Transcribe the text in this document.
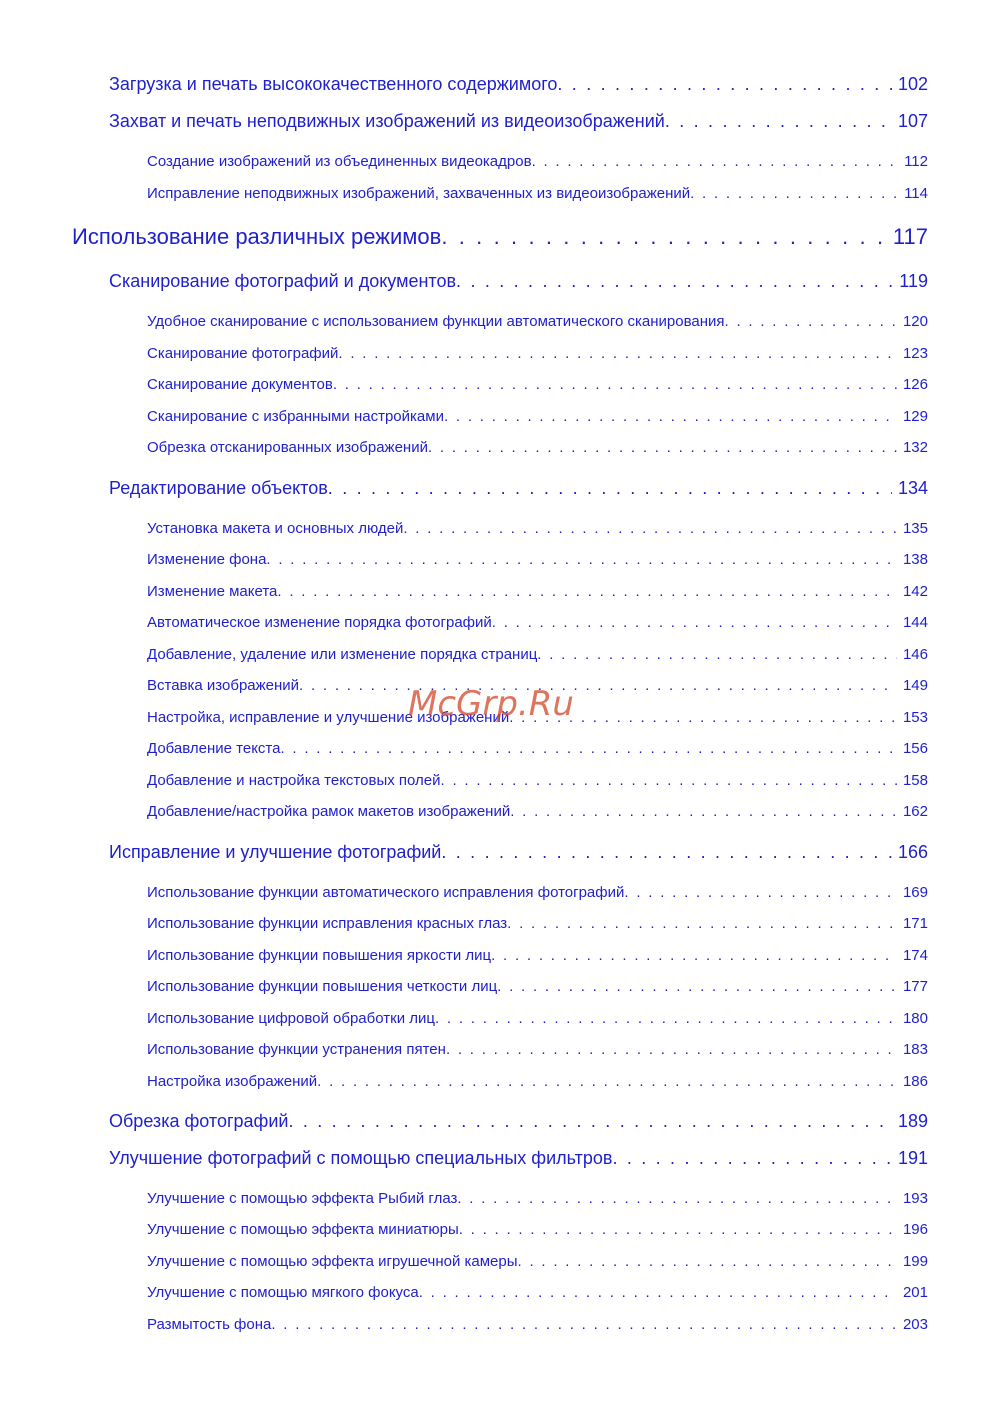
Загрузка и печать высококачественного содержимого . . .	102
Захват и печать неподвижных изображений из видеоизображений . . .	107
Создание изображений из объединенных видеокадров . . .	112
Исправление неподвижных изображений, захваченных из видеоизображений . . .	114
Использование различных режимов . . .	117
Сканирование фотографий и документов . . .	119
Удобное сканирование с использованием функции автоматического сканирования . . .	120
Сканирование фотографий . . .	123
Сканирование документов . . .	126
Сканирование с избранными настройками . . .	129
Обрезка отсканированных изображений . . .	132
Редактирование объектов . . .	134
Установка макета и основных людей . . .	135
Изменение фона . . .	138
Изменение макета . . .	142
Автоматическое изменение порядка фотографий . . .	144
Добавление, удаление или изменение порядка страниц . . .	146
Вставка изображений . . .	149
Настройка, исправление и улучшение изображений . . .	153
Добавление текста . . .	156
Добавление и настройка текстовых полей . . .	158
Добавление/настройка рамок макетов изображений . . .	162
Исправление и улучшение фотографий . . .	166
Использование функции автоматического исправления фотографий . . .	169
Использование функции исправления красных глаз . . .	171
Использование функции повышения яркости лиц . . .	174
Использование функции повышения четкости лиц . . .	177
Использование цифровой обработки лиц . . .	180
Использование функции устранения пятен . . .	183
Настройка изображений . . .	186
Обрезка фотографий . . .	189
Улучшение фотографий с помощью специальных фильтров . . .	191
Улучшение с помощью эффекта Рыбий глаз . . .	193
Улучшение с помощью эффекта миниатюры . . .	196
Улучшение с помощью эффекта игрушечной камеры . . .	199
Улучшение с помощью мягкого фокуса . . .	201
Размытость фона . . .	203
McGrp.Ru
